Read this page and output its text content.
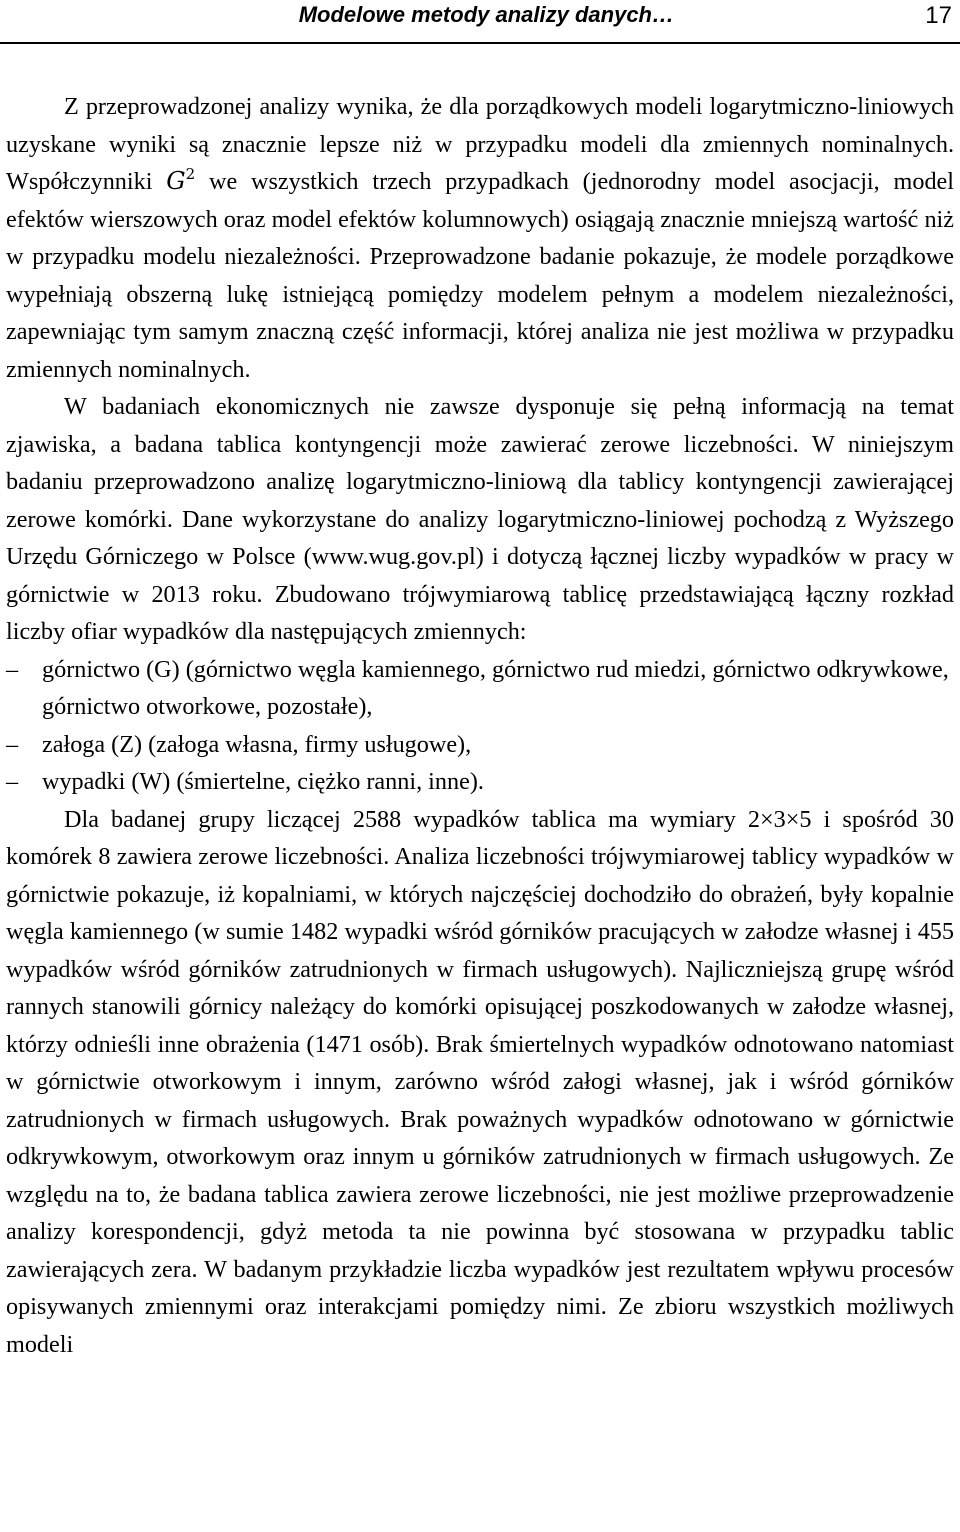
Modelowe metody analizy danych…	17

Z przeprowadzonej analizy wynika, że dla porządkowych modeli logarytmiczno-liniowych uzyskane wyniki są znacznie lepsze niż w przypadku modeli dla zmiennych nominalnych. Współczynniki $G^2$ we wszystkich trzech przypadkach (jednorodny model asocjacji, model efektów wierszowych oraz model efektów kolumnowych) osiągają znacznie mniejszą wartość niż w przypadku modelu niezależności. Przeprowadzone badanie pokazuje, że modele porządkowe wypełniają obszerną lukę istniejącą pomiędzy modelem pełnym a modelem niezależności, zapewniając tym samym znaczną część informacji, której analiza nie jest możliwa w przypadku zmiennych nominalnych.

W badaniach ekonomicznych nie zawsze dysponuje się pełną informacją na temat zjawiska, a badana tablica kontyngencji może zawierać zerowe liczebności. W niniejszym badaniu przeprowadzono analizę logarytmiczno-liniową dla tablicy kontyngencji zawierającej zerowe komórki. Dane wykorzystane do analizy logarytmiczno-liniowej pochodzą z Wyższego Urzędu Górniczego w Polsce (www.wug.gov.pl) i dotyczą łącznej liczby wypadków w pracy w górnictwie w 2013 roku. Zbudowano trójwymiarową tablicę przedstawiającą łączny rozkład liczby ofiar wypadków dla następujących zmiennych:

– górnictwo (G) (górnictwo węgla kamiennego, górnictwo rud miedzi, górnictwo odkrywkowe, górnictwo otworkowe, pozostałe),
– załoga (Z) (załoga własna, firmy usługowe),
– wypadki (W) (śmiertelne, ciężko ranni, inne).

Dla badanej grupy liczącej 2588 wypadków tablica ma wymiary 2×3×5 i spośród 30 komórek 8 zawiera zerowe liczebności. Analiza liczebności trójwymiarowej tablicy wypadków w górnictwie pokazuje, iż kopalniami, w których najczęściej dochodziło do obrażeń, były kopalnie węgla kamiennego (w sumie 1482 wypadki wśród górników pracujących w załodze własnej i 455 wypadków wśród górników zatrudnionych w firmach usługowych). Najliczniejszą grupę wśród rannych stanowili górnicy należący do komórki opisującej poszkodowanych w załodze własnej, którzy odnieśli inne obrażenia (1471 osób). Brak śmiertelnych wypadków odnotowano natomiast w górnictwie otworkowym i innym, zarówno wśród załogi własnej, jak i wśród górników zatrudnionych w firmach usługowych. Brak poważnych wypadków odnotowano w górnictwie odkrywkowym, otworkowym oraz innym u górników zatrudnionych w firmach usługowych. Ze względu na to, że badana tablica zawiera zerowe liczebności, nie jest możliwe przeprowadzenie analizy korespondencji, gdyż metoda ta nie powinna być stosowana w przypadku tablic zawierających zera. W badanym przykładzie liczba wypadków jest rezultatem wpływu procesów opisywanych zmiennymi oraz interakcjami pomiędzy nimi. Ze zbioru wszystkich możliwych modeli
